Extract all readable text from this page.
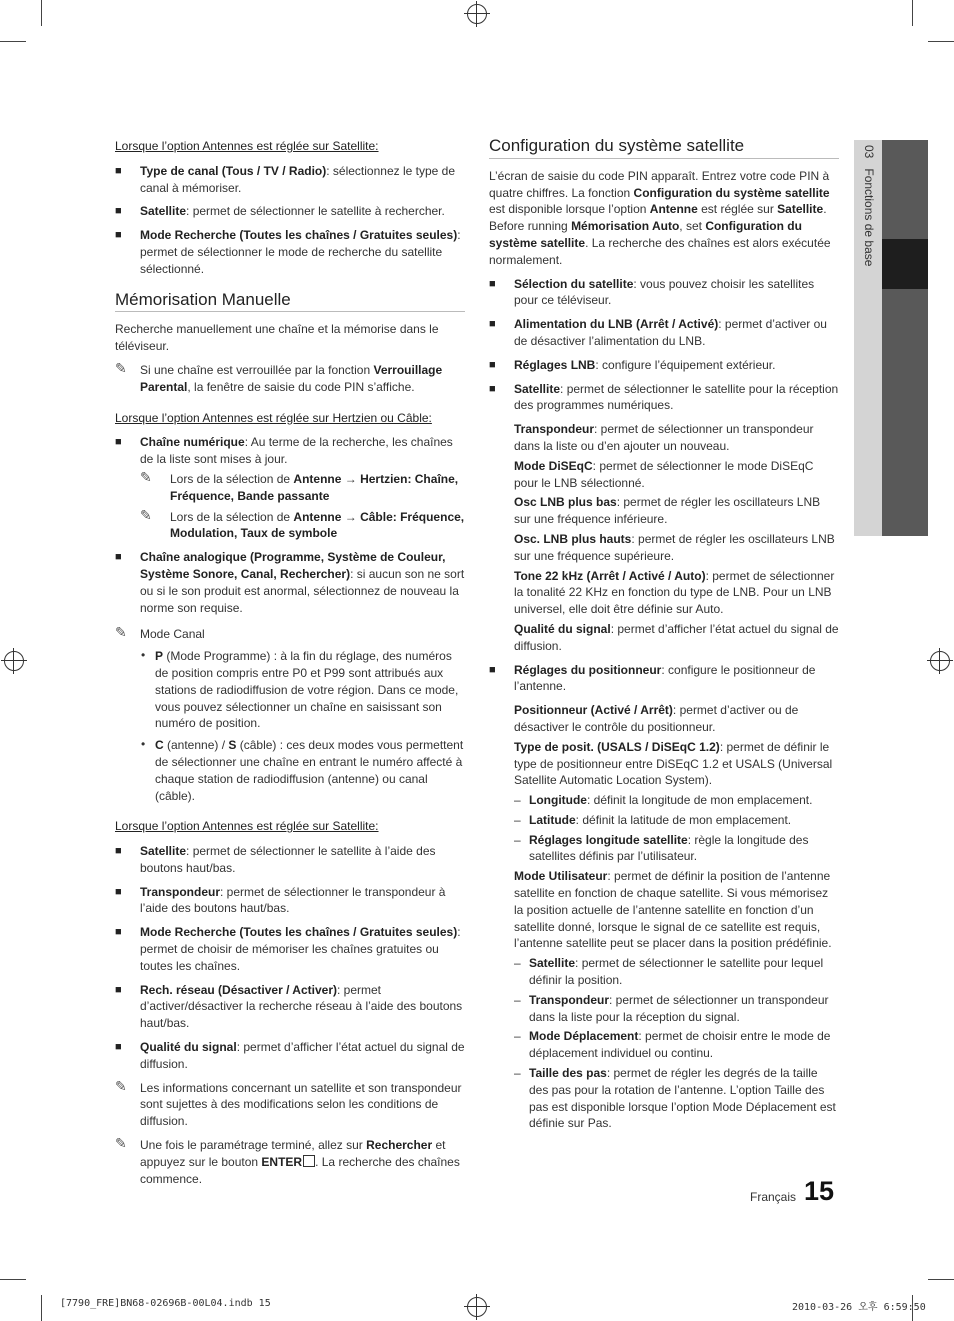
Lorsque l’option Antennes est réglée sur Satellite:
■ Type de canal (Tous / TV / Radio): sélectionnez le type de canal à mémoriser.
■ Satellite: permet de sélectionner le satellite à rechercher.
■ Mode Recherche (Toutes les chaînes / Gratuites seules): permet de sélectionner le mode de recherche du satellite sélectionné.
Mémorisation Manuelle

Recherche manuellement une chaîne et la mémorise dans le téléviseur.

✎ Si une chaîne est verrouillée par la fonction Verrouillage Parental, la fenêtre de saisie du code PIN s’affiche.
Lorsque l’option Antennes est réglée sur Hertzien ou Câble:
■ Chaîne numérique: Au terme de la recherche, les chaînes de la liste sont mises à jour.
✎ Lors de la sélection de Antenne → Hertzien: Chaîne, Fréquence, Bande passante
✎ Lors de la sélection de Antenne → Câble: Fréquence, Modulation, Taux de symbole
■ Chaîne analogique (Programme, Système de Couleur, Système Sonore, Canal, Rechercher): si aucun son ne sort ou si le son produit est anormal, sélectionnez de nouveau la norme son requise.
✎ Mode Canal
• P (Mode Programme) : à la fin du réglage, des numéros de position compris entre P0 et P99 sont attribués aux stations de radiodiffusion de votre région. Dans ce mode, vous pouvez sélectionner un chaîne en saisissant son numéro de position.
• C (antenne) / S (câble) : ces deux modes vous permettent de sélectionner une chaîne en entrant le numéro affecté à chaque station de radiodiffusion (antenne) ou canal (câble).
Lorsque l’option Antennes est réglée sur Satellite:
■ Satellite: permet de sélectionner le satellite à l’aide des boutons haut/bas.
■ Transpondeur: permet de sélectionner le transpondeur à l’aide des boutons haut/bas.
■ Mode Recherche (Toutes les chaînes / Gratuites seules): permet de choisir de mémoriser les chaînes gratuites ou toutes les chaînes.
■ Rech. réseau (Désactiver / Activer): permet d’activer/désactiver la recherche réseau à l’aide des boutons haut/bas.
■ Qualité du signal: permet d’afficher l’état actuel du signal de diffusion.
✎ Les informations concernant un satellite et son transpondeur sont sujettes à des modifications selon les conditions de diffusion.
✎ Une fois le paramétrage terminé, allez sur Rechercher et appuyez sur le bouton ENTER . La recherche des chaînes commence.
Configuration du système satellite

L’écran de saisie du code PIN apparaît. Entrez votre code PIN à quatre chiffres. La fonction Configuration du système satellite est disponible lorsque l’option Antenne est réglée sur Satellite. Before running Mémorisation Auto, set Configuration du système satellite. La recherche des chaînes est alors exécutée normalement.

■ Sélection du satellite: vous pouvez choisir les satellites pour ce téléviseur.
■ Alimentation du LNB (Arrêt / Activé): permet d’activer ou de désactiver l’alimentation du LNB.
■ Réglages LNB: configure l’équipement extérieur.
■ Satellite: permet de sélectionner le satellite pour la réception des programmes numériques.
Transpondeur: permet de sélectionner un transpondeur dans la liste ou d’en ajouter un nouveau.
Mode DiSEqC: permet de sélectionner le mode DiSEqC pour le LNB sélectionné.
Osc LNB plus bas: permet de régler les oscillateurs LNB sur une fréquence inférieure.
Osc. LNB plus hauts: permet de régler les oscillateurs LNB sur une fréquence supérieure.
Tone 22 kHz (Arrêt / Activé / Auto): permet de sélectionner la tonalité 22 KHz en fonction du type de LNB. Pour un LNB universel, elle doit être définie sur Auto.
Qualité du signal: permet d’afficher l’état actuel du signal de diffusion.
■ Réglages du positionneur: configure le positionneur de l’antenne.
Positionneur (Activé / Arrêt): permet d’activer ou de désactiver le contrôle du positionneur.
Type de posit. (USALS / DiSEqC 1.2): permet de définir le type de positionneur entre DiSEqC 1.2 et USALS (Universal Satellite Automatic Location System).
– Longitude: définit la longitude de mon emplacement.
– Latitude: définit la latitude de mon emplacement.
– Réglages longitude satellite: règle la longitude des satellites définis par l’utilisateur.
Mode Utilisateur: permet de définir la position de l’antenne satellite en fonction de chaque satellite. Si vous mémorisez la position actuelle de l’antenne satellite en fonction d’un satellite donné, lorsque le signal de ce satellite est requis, l’antenne satellite peut se placer dans la position prédéfinie.
– Satellite: permet de sélectionner le satellite pour lequel définir la position.
– Transpondeur: permet de sélectionner un transpondeur dans la liste pour la réception du signal.
– Mode Déplacement: permet de choisir entre le mode de déplacement individuel ou continu.
– Taille des pas: permet de régler les degrés de la taille des pas pour la rotation de l’antenne. L’option Taille des pas est disponible lorsque l’option Mode Déplacement est définie sur Pas.
03   Fonctions de base
Français 15
[7790_FRE]BN68-02696B-00L04.indb 15	2010-03-26 오후 6:59:50
